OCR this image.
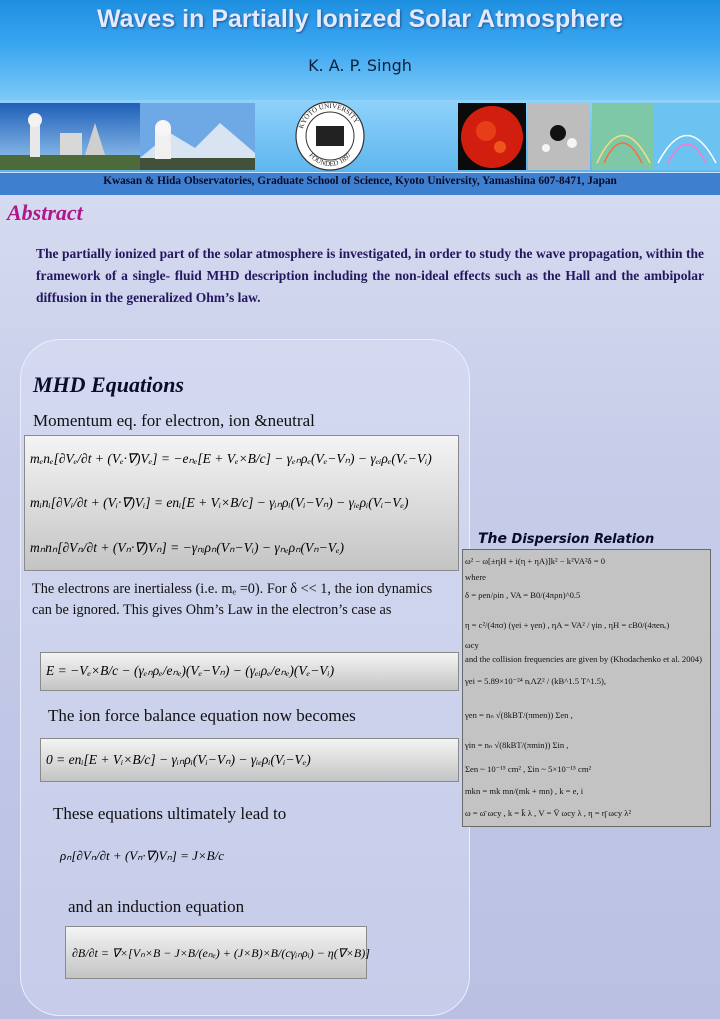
Waves in Partially Ionized Solar Atmosphere
K. A. P. Singh
KYOTO UNIVERSITY
FOUNDED 1897
Kwasan & Hida Observatories, Graduate School of Science, Kyoto University, Yamashina 607-8471, Japan
Abstract
The partially ionized part of the solar atmosphere is investigated, in order to study the wave propagation, within the framework of a single- fluid MHD description including the non-ideal effects such as the Hall and the ambipolar diffusion in the generalized Ohm’s law.
MHD Equations
Momentum eq. for electron, ion &neutral
mₑnₑ[∂Vₑ/∂t + (Vₑ·∇)Vₑ] = −eₙₑ[E + Vₑ×B/c] − γₑₙρₑ(Vₑ−Vₙ) − γₑᵢρₑ(Vₑ−Vᵢ)
mᵢnᵢ[∂Vᵢ/∂t + (Vᵢ·∇)Vᵢ] = enᵢ[E + Vᵢ×B/c] − γᵢₙρᵢ(Vᵢ−Vₙ) − γᵢₑρᵢ(Vᵢ−Vₑ)
mₙnₙ[∂Vₙ/∂t + (Vₙ·∇)Vₙ] = −γₙᵢρₙ(Vₙ−Vᵢ) − γₙₑρₙ(Vₙ−Vₑ)
The electrons are inertialess (i.e. mₑ =0). For δ << 1, the ion dynamics can be ignored. This gives Ohm’s Law in the electron’s case as
E = −Vₑ×B/c − (γₑₙρₑ/eₙₑ)(Vₑ−Vₙ) − (γₑᵢρₑ/eₙₑ)(Vₑ−Vᵢ)
The ion force balance equation now becomes
0 = enᵢ[E + Vᵢ×B/c] − γᵢₙρᵢ(Vᵢ−Vₙ) − γᵢₑρᵢ(Vᵢ−Vₑ)
These equations ultimately lead to
ρₙ[∂Vₙ/∂t + (Vₙ·∇)Vₙ] = J×B/c
and an induction equation
∂B/∂t = ∇×[Vₙ×B − J×B/(eₙₑ) + (J×B)×B/(cγᵢₙρᵢ) − η(∇×B)]
The Dispersion Relation
ω² − ω[±ηH + i(η + ηA)]k² − k²VA²δ = 0
where
δ = ρen/ρin , VA = B0/(4πρn)^0.5
η = c²/(4πσ) (γei + γen) , ηA = VA² / γin , ηH = cB0/(4πenₑ)
ωcy
and the collision frequencies are given by (Khodachenko et al. 2004)
γei = 5.89×10⁻²⁴ nᵢΛZ² / (kB^1.5 T^1.5),
γen = nₙ √(8kBT/(πmen)) Σen ,
γin = nₙ √(8kBT/(πmin)) Σin ,
Σen ~ 10⁻¹⁵ cm² , Σin ~ 5×10⁻¹⁵ cm²
mkn = mk mn/(mk + mn) , k = e, i
ω = ω̄ ωcy , k = k̄ λ , V = V̄ ωcy λ , η = η̄ ωcy λ²
